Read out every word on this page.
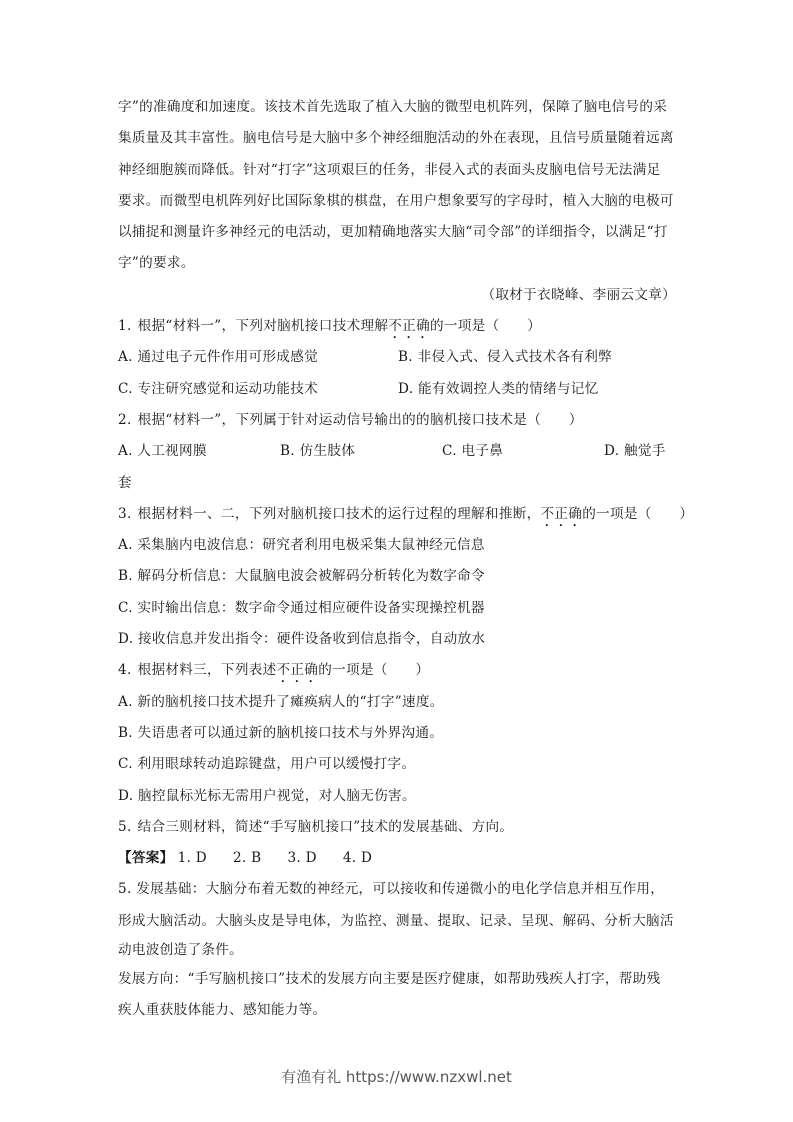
字”的准确度和加速度。该技术首先选取了植入大脑的微型电机阵列，保障了脑电信号的采
集质量及其丰富性。脑电信号是大脑中多个神经细胞活动的外在表现，且信号质量随着远离
神经细胞簇而降低。针对“打字”这项艰巨的任务，非侵入式的表面头皮脑电信号无法满足
要求。而微型电机阵列好比国际象棋的棋盘，在用户想象要写的字母时，植入大脑的电极可
以捕捉和测量许多神经元的电活动，更加精确地落实大脑“司令部”的详细指令，以满足“打
字”的要求。
（取材于衣晓峰、李丽云文章）
1. 根据“材料一”，下列对脑机接口技术理解不正确的一项是（　　）
A. 通过电子元件作用可形成感觉	B. 非侵入式、侵入式技术各有利弊
C. 专注研究感觉和运动功能技术	D. 能有效调控人类的情绪与记忆
2. 根据“材料一”，下列属于针对运动信号输出的的脑机接口技术是（　　）
A. 人工视网膜	B. 仿生肢体	C. 电子鼻	D. 触觉手
套
3. 根据材料一、二，下列对脑机接口技术的运行过程的理解和推断，不正确的一项是（　　）
A. 采集脑内电波信息：研究者利用电极采集大鼠神经元信息
B. 解码分析信息：大鼠脑电波会被解码分析转化为数字命令
C. 实时输出信息：数字命令通过相应硬件设备实现操控机器
D. 接收信息并发出指令：硬件设备收到信息指令，自动放水
4. 根据材料三，下列表述不正确的一项是（　　）
A. 新的脑机接口技术提升了瘫痪病人的“打字”速度。
B. 失语患者可以通过新的脑机接口技术与外界沟通。
C. 利用眼球转动追踪键盘，用户可以缓慢打字。
D. 脑控鼠标光标无需用户视觉，对人脑无伤害。
5. 结合三则材料，简述“手写脑机接口”技术的发展基础、方向。
【答案】 1. D 2. B 3. D 4. D
5. 发展基础：大脑分布着无数的神经元，可以接收和传递微小的电化学信息并相互作用，
形成大脑活动。大脑头皮是导电体，为监控、测量、提取、记录、呈现、解码、分析大脑活
动电波创造了条件。
发展方向：“手写脑机接口”技术的发展方向主要是医疗健康，如帮助残疾人打字，帮助残
疾人重获肢体能力、感知能力等。
有渔有礼 https://www.nzxwl.net
